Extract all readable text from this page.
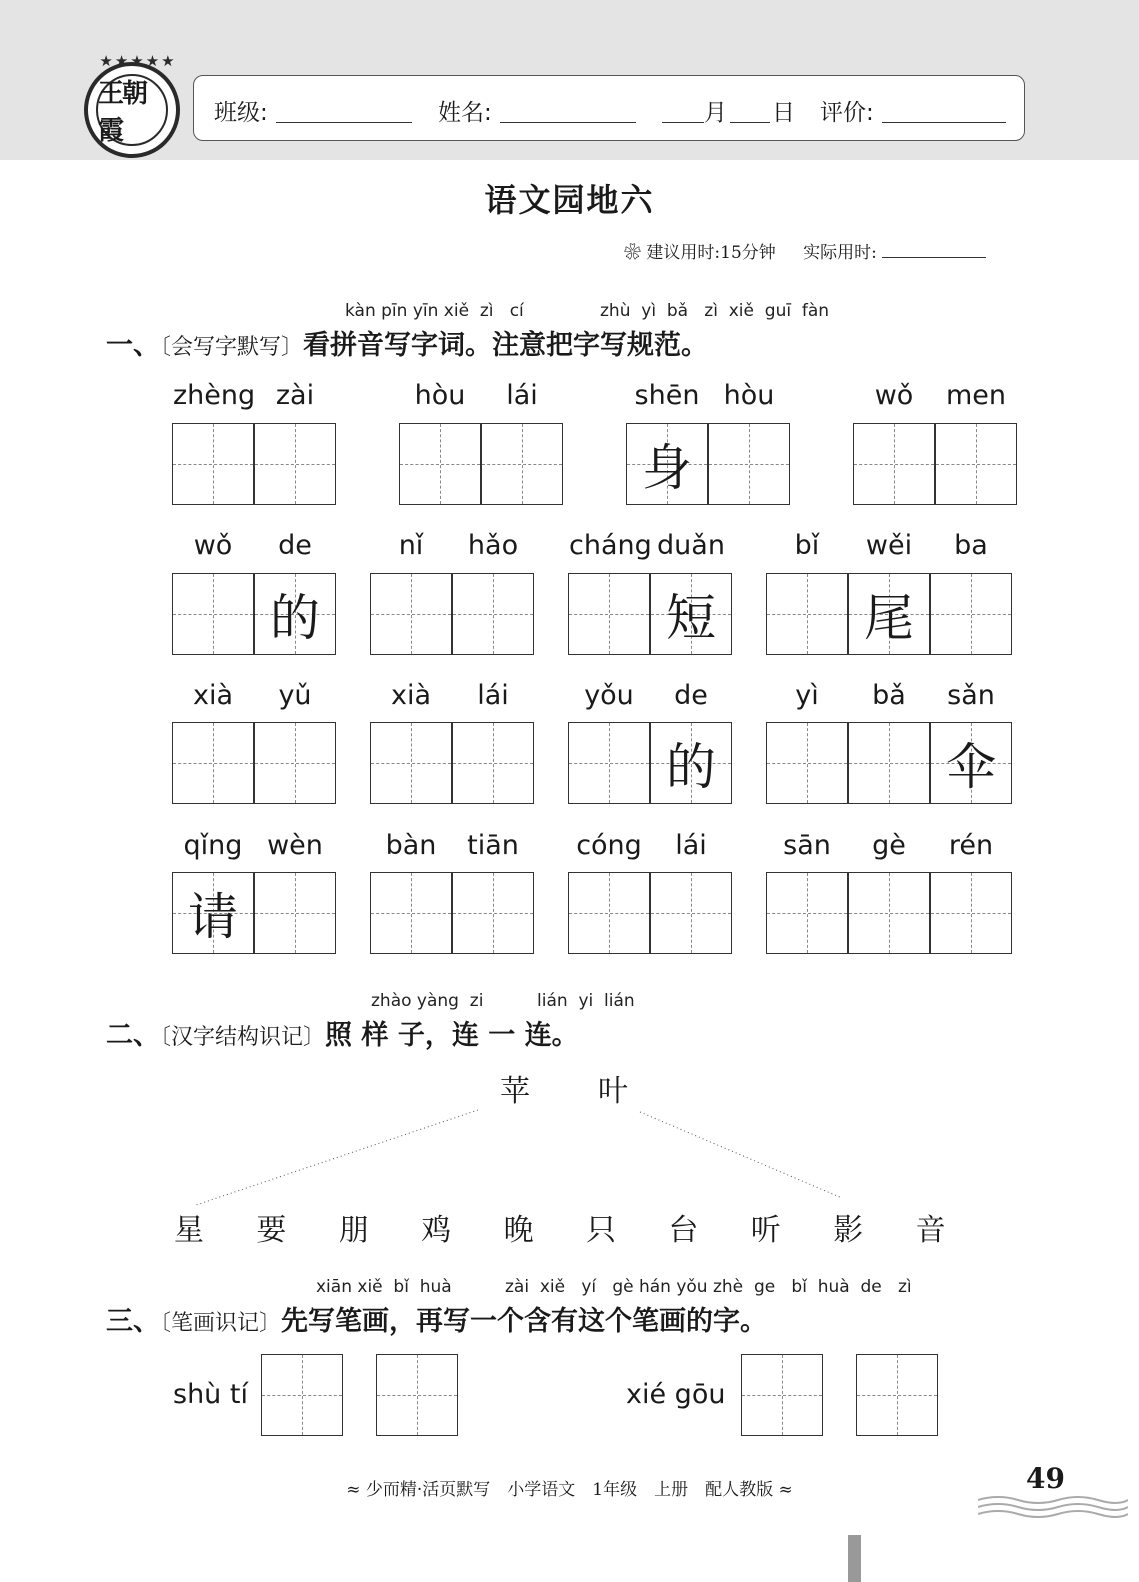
★★★★★
王朝霞
班级:	姓名:	月 日 评价:
语文园地六
❀ 建议用时:15分钟 实际用时:
kàn pīn yīn xiě  zì   cí	zhù  yì  bǎ   zì  xiě  guī  fàn
一、〔会写字默写〕看拼音写字词。注意把字写规范。
zhèng zài	hòu	lái
身
shēn hòu	wǒ	men
的
wǒ	de	nǐ	hǎo
短
cháng duǎn
尾
bǐ	wěi	ba
xià	yǔ	xià	lái
的
yǒu	de
伞
yì	bǎ	sǎn
请
qǐng wèn	bàn	tiān	cóng	lái	sān	gè	rén
zhào yàng  zi	lián  yi  lián
二、〔汉字结构识记〕照 样 子，连 一 连。
苹 叶
星 要 朋 鸡 晚 只 台 听 影 音
xiān xiě  bǐ  huà	zài  xiě   yí   gè hán yǒu zhè  ge   bǐ  huà  de   zì
三、〔笔画识记〕先写笔画，再写一个含有这个笔画的字。
shù tí	xié gōu
≈ 少而精·活页默写　小学语文　1年级　上册　配人教版 ≈	49
